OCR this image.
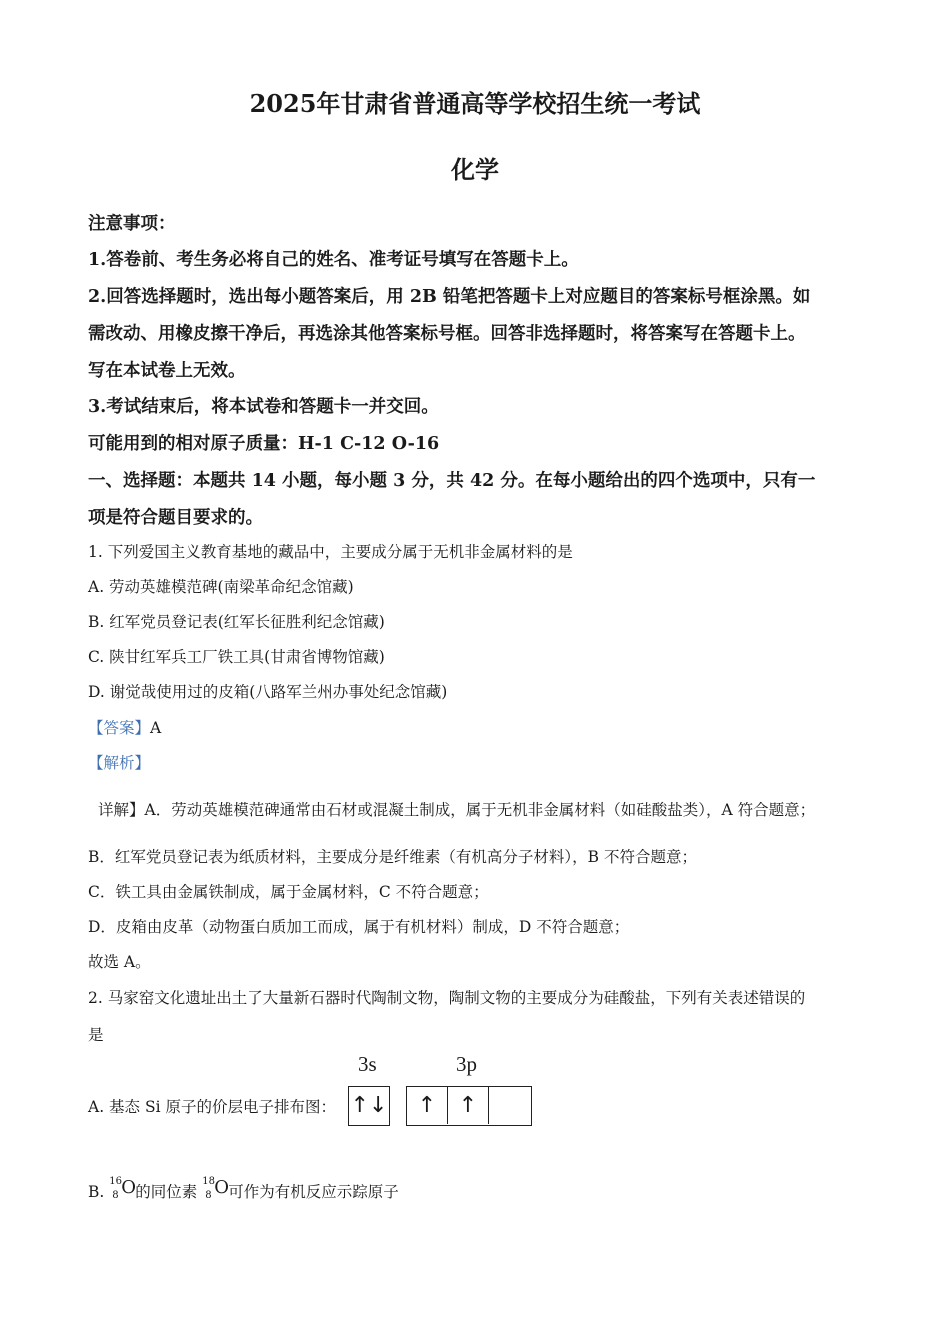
2025年甘肃省普通高等学校招生统一考试
化学
注意事项：
1.答卷前、考生务必将自己的姓名、准考证号填写在答题卡上。
2.回答选择题时，选出每小题答案后，用 2B 铅笔把答题卡上对应题目的答案标号框涂黑。如
需改动、用橡皮擦干净后，再选涂其他答案标号框。回答非选择题时，将答案写在答题卡上。
写在本试卷上无效。
3.考试结束后，将本试卷和答题卡一并交回。
可能用到的相对原子质量：H-1 C-12 O-16
一、选择题：本题共 14 小题，每小题 3 分，共 42 分。在每小题给出的四个选项中，只有一
项是符合题目要求的。
1. 下列爱国主义教育基地的藏品中，主要成分属于无机非金属材料的是
A. 劳动英雄模范碑(南梁革命纪念馆藏)
B. 红军党员登记表(红军长征胜利纪念馆藏)
C. 陕甘红军兵工厂铁工具(甘肃省博物馆藏)
D. 谢觉哉使用过的皮箱(八路军兰州办事处纪念馆藏)
【答案】A
【解析】
详解】A．劳动英雄模范碑通常由石材或混凝土制成，属于无机非金属材料（如硅酸盐类），A 符合题意；
B．红军党员登记表为纸质材料，主要成分是纤维素（有机高分子材料），B 不符合题意；
C．铁工具由金属铁制成，属于金属材料，C 不符合题意；
D．皮箱由皮革（动物蛋白质加工而成，属于有机材料）制成，D 不符合题意；
故选 A。
2. 马家窑文化遗址出土了大量新石器时代陶制文物，陶制文物的主要成分为硅酸盐，下列有关表述错误的
是
A. 基态 Si 原子的价层电子排布图：
3s	3p
↑↓	↑	↑
B.
16
8 O 的同位素
18
8 O 可作为有机反应示踪原子
